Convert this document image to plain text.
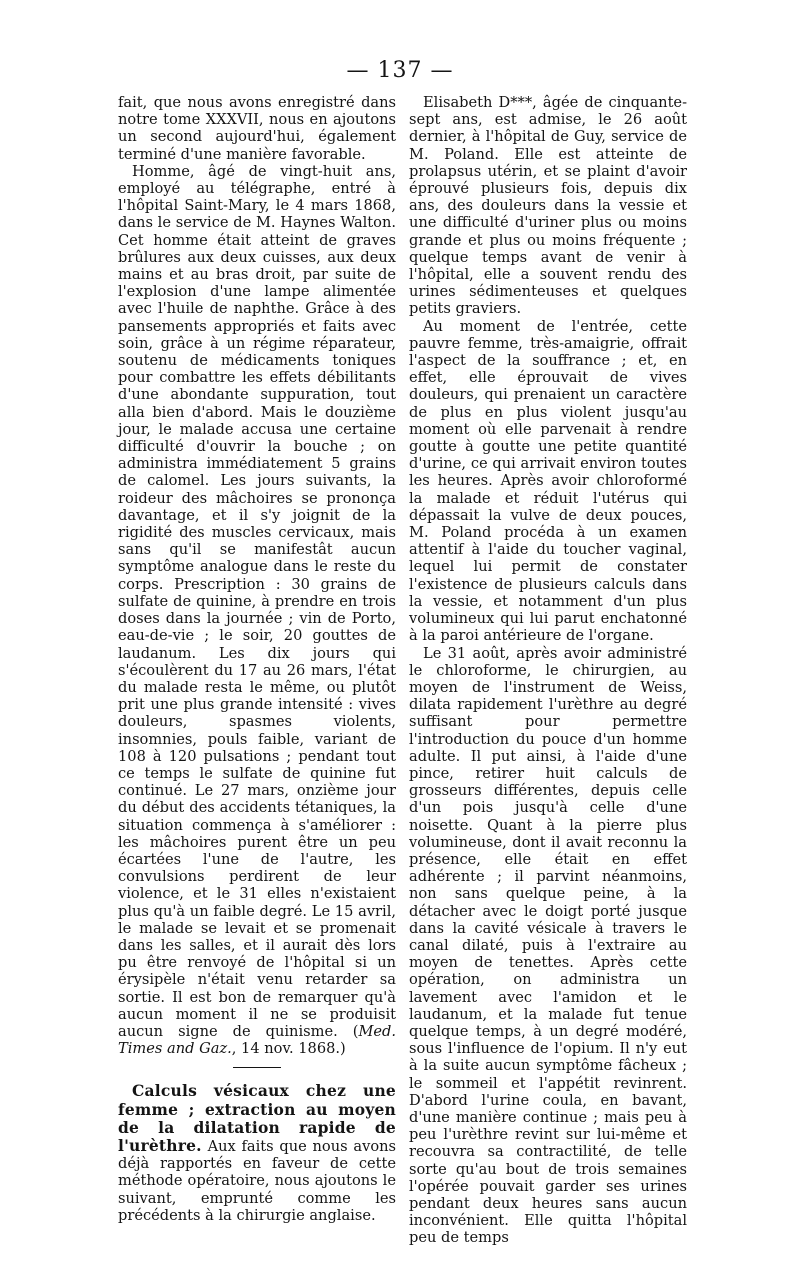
— 137 —

fait, que nous avons enregistré dans notre tome XXXVII, nous en ajoutons un second aujourd'hui, également terminé d'une manière favorable.

Homme, âgé de vingt-huit ans, employé au télégraphe, entré à l'hôpital Saint-Mary, le 4 mars 1868, dans le service de M. Haynes Walton. Cet homme était atteint de graves brûlures aux deux cuisses, aux deux mains et au bras droit, par suite de l'explosion d'une lampe alimentée avec l'huile de naphthe. Grâce à des pansements appropriés et faits avec soin, grâce à un régime réparateur, soutenu de médicaments toniques pour combattre les effets débilitants d'une abondante suppuration, tout alla bien d'abord. Mais le douzième jour, le malade accusa une certaine difficulté d'ouvrir la bouche ; on administra immédiatement 5 grains de calomel. Les jours suivants, la roideur des mâchoires se prononça davantage, et il s'y joignit de la rigidité des muscles cervicaux, mais sans qu'il se manifestât aucun symptôme analogue dans le reste du corps. Prescription : 30 grains de sulfate de quinine, à prendre en trois doses dans la journée ; vin de Porto, eau-de-vie ; le soir, 20 gouttes de laudanum. Les dix jours qui s'écoulèrent du 17 au 26 mars, l'état du malade resta le même, ou plutôt prit une plus grande intensité : vives douleurs, spasmes violents, insomnies, pouls faible, variant de 108 à 120 pulsations ; pendant tout ce temps le sulfate de quinine fut continué. Le 27 mars, onzième jour du début des accidents tétaniques, la situation commença à s'améliorer : les mâchoires purent être un peu écartées l'une de l'autre, les convulsions perdirent de leur violence, et le 31 elles n'existaient plus qu'à un faible degré. Le 15 avril, le malade se levait et se promenait dans les salles, et il aurait dès lors pu être renvoyé de l'hôpital si un érysipèle n'était venu retarder sa sortie. Il est bon de remarquer qu'à aucun moment il ne se produisit aucun signe de quinisme. (Med. Times and Gaz., 14 nov. 1868.)

Calculs vésicaux chez une femme ; extraction au moyen de la dilatation rapide de l'urèthre. Aux faits que nous avons déjà rapportés en faveur de cette méthode opératoire, nous ajoutons le suivant, emprunté comme les précédents à la chirurgie anglaise.

Elisabeth D***, âgée de cinquante-sept ans, est admise, le 26 août dernier, à l'hôpital de Guy, service de M. Poland. Elle est atteinte de prolapsus utérin, et se plaint d'avoir éprouvé plusieurs fois, depuis dix ans, des douleurs dans la vessie et une difficulté d'uriner plus ou moins grande et plus ou moins fréquente ; quelque temps avant de venir à l'hôpital, elle a souvent rendu des urines sédimenteuses et quelques petits graviers.

Au moment de l'entrée, cette pauvre femme, très-amaigrie, offrait l'aspect de la souffrance ; et, en effet, elle éprouvait de vives douleurs, qui prenaient un caractère de plus en plus violent jusqu'au moment où elle parvenait à rendre goutte à goutte une petite quantité d'urine, ce qui arrivait environ toutes les heures. Après avoir chloroformé la malade et réduit l'utérus qui dépassait la vulve de deux pouces, M. Poland procéda à un examen attentif à l'aide du toucher vaginal, lequel lui permit de constater l'existence de plusieurs calculs dans la vessie, et notamment d'un plus volumineux qui lui parut enchatonné à la paroi antérieure de l'organe.

Le 31 août, après avoir administré le chloroforme, le chirurgien, au moyen de l'instrument de Weiss, dilata rapidement l'urèthre au degré suffisant pour permettre l'introduction du pouce d'un homme adulte. Il put ainsi, à l'aide d'une pince, retirer huit calculs de grosseurs différentes, depuis celle d'un pois jusqu'à celle d'une noisette. Quant à la pierre plus volumineuse, dont il avait reconnu la présence, elle était en effet adhérente ; il parvint néanmoins, non sans quelque peine, à la détacher avec le doigt porté jusque dans la cavité vésicale à travers le canal dilaté, puis à l'extraire au moyen de tenettes. Après cette opération, on administra un lavement avec l'amidon et le laudanum, et la malade fut tenue quelque temps, à un degré modéré, sous l'influence de l'opium. Il n'y eut à la suite aucun symptôme fâcheux ; le sommeil et l'appétit revinrent. D'abord l'urine coula, en bavant, d'une manière continue ; mais peu à peu l'urèthre revint sur lui-même et recouvra sa contractilité, de telle sorte qu'au bout de trois semaines l'opérée pouvait garder ses urines pendant deux heures sans aucun inconvénient. Elle quitta l'hôpital peu de temps
